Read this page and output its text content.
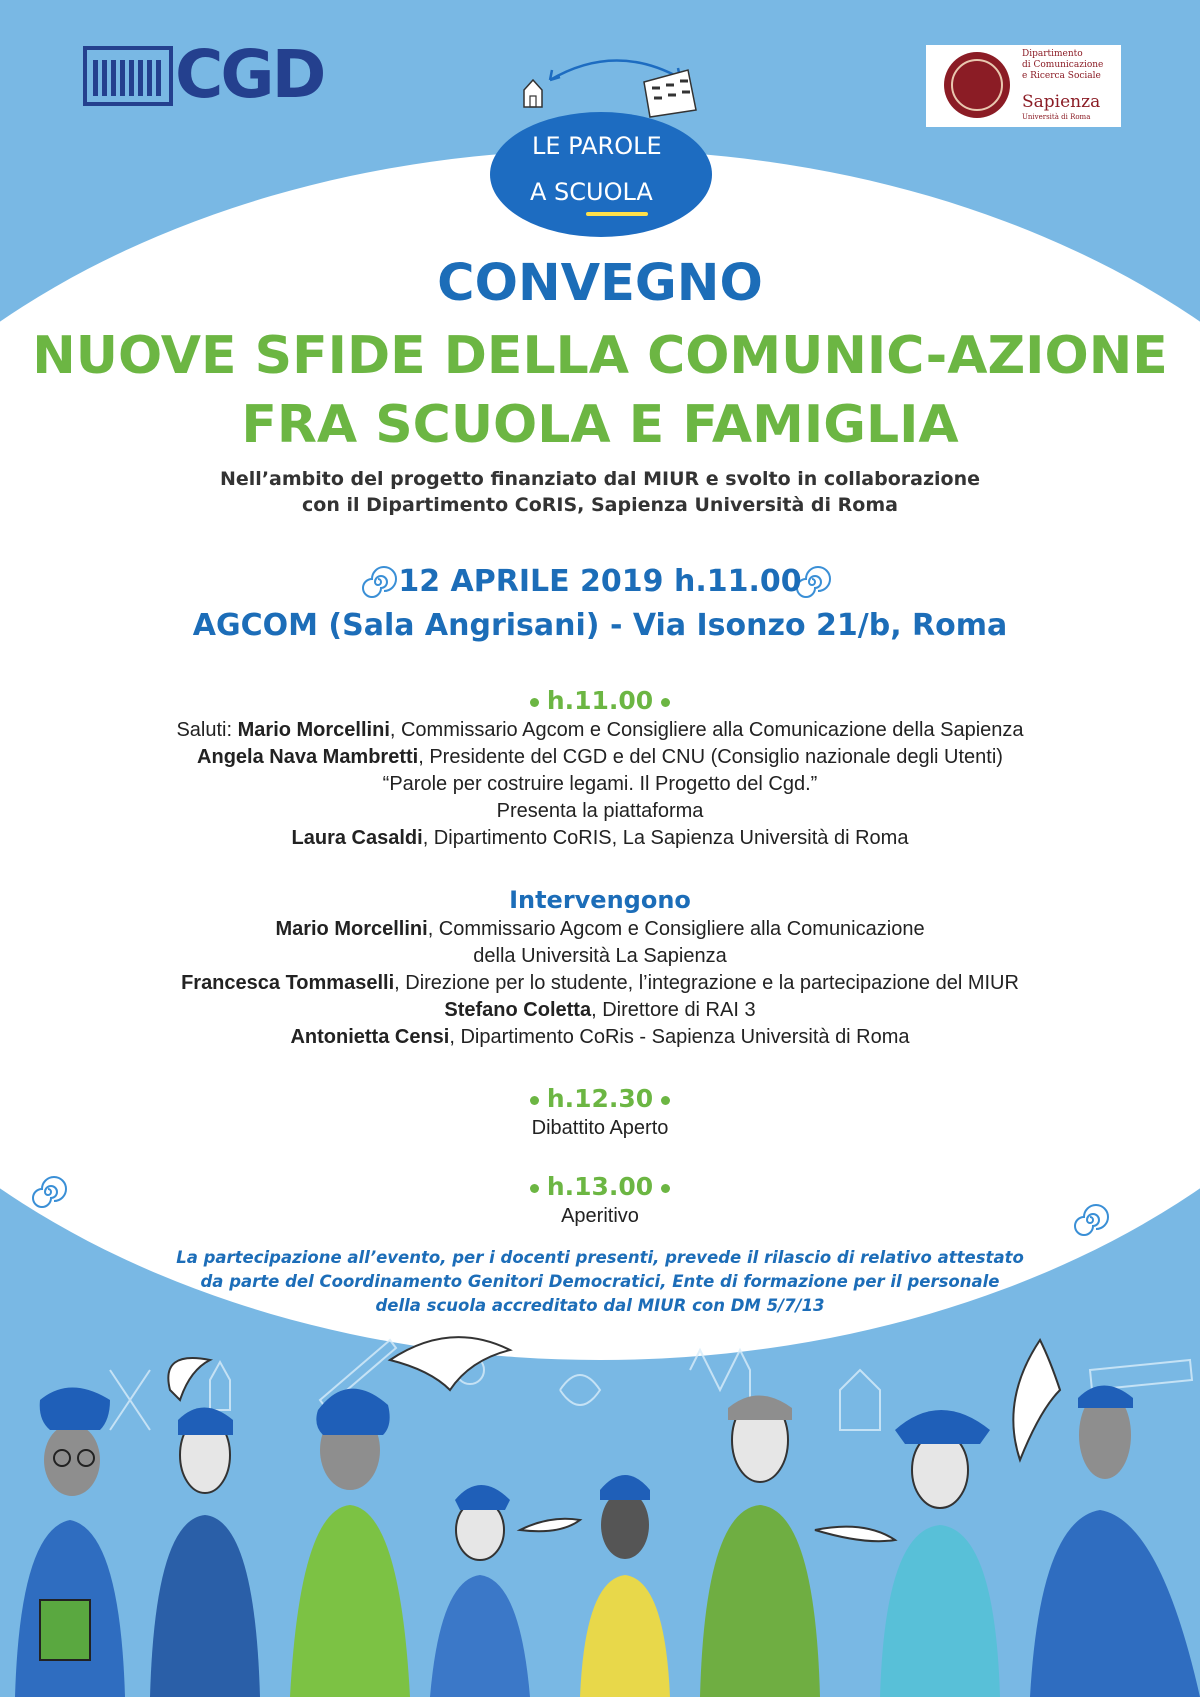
CGD	Dipartimento
di Comunicazione
e Ricerca Sociale
Sapienza
Università di Roma
LE PAROLE
A SCUOLA
CONVEGNO
NUOVE SFIDE DELLA COMUNIC-AZIONE
FRA SCUOLA E FAMIGLIA
Nell’ambito del progetto finanziato dal MIUR e svolto in collaborazione
con il Dipartimento CoRIS, Sapienza Università di Roma
12 APRILE 2019 h.11.00
AGCOM (Sala Angrisani) - Via Isonzo 21/b, Roma
h.11.00
Saluti: Mario Morcellini, Commissario Agcom e Consigliere alla Comunicazione della Sapienza
Angela Nava Mambretti, Presidente del CGD e del CNU (Consiglio nazionale degli Utenti)
“Parole per costruire legami. Il Progetto del Cgd.”
Presenta la piattaforma
Laura Casaldi, Dipartimento CoRIS, La Sapienza Università di Roma
Intervengono
Mario Morcellini, Commissario Agcom e Consigliere alla Comunicazione
della Università La Sapienza
Francesca Tommaselli, Direzione per lo studente, l’integrazione e la partecipazione del MIUR
Stefano Coletta, Direttore di RAI 3
Antonietta Censi, Dipartimento CoRis - Sapienza Università di Roma
h.12.30
Dibattito Aperto
h.13.00
Aperitivo
La partecipazione all’evento, per i docenti presenti, prevede il rilascio di relativo attestato
da parte del Coordinamento Genitori Democratici, Ente di formazione per il personale
della scuola accreditato dal MIUR con DM 5/7/13
